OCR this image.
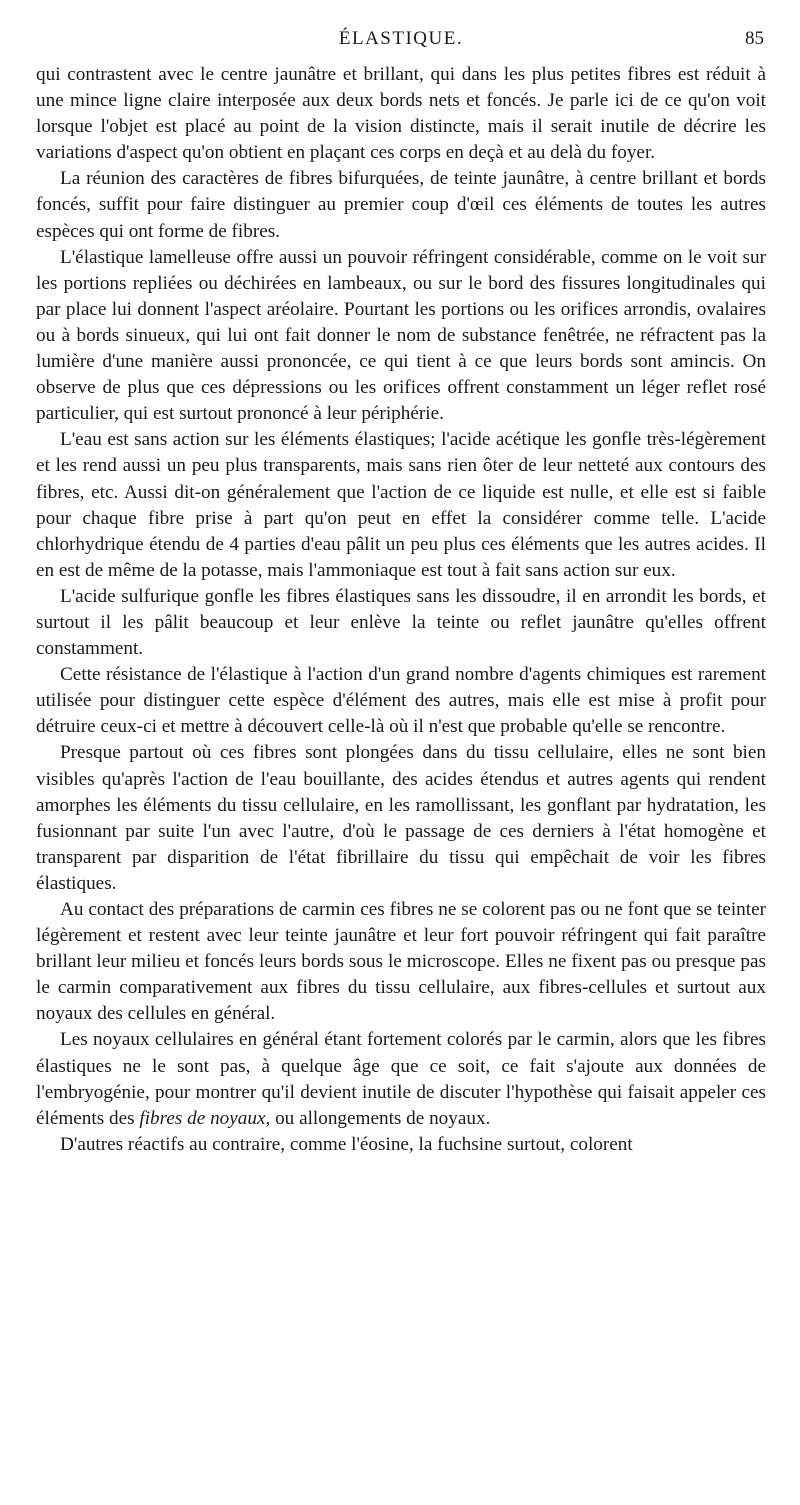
ÉLASTIQUE.	85

qui contrastent avec le centre jaunâtre et brillant, qui dans les plus petites fibres est réduit à une mince ligne claire interposée aux deux bords nets et foncés. Je parle ici de ce qu'on voit lorsque l'objet est placé au point de la vision distincte, mais il serait inutile de décrire les variations d'aspect qu'on obtient en plaçant ces corps en deçà et au delà du foyer.

La réunion des caractères de fibres bifurquées, de teinte jaunâtre, à centre brillant et bords foncés, suffit pour faire distinguer au premier coup d'œil ces éléments de toutes les autres espèces qui ont forme de fibres.

L'élastique lamelleuse offre aussi un pouvoir réfringent considérable, comme on le voit sur les portions repliées ou déchirées en lambeaux, ou sur le bord des fissures longitudinales qui par place lui donnent l'aspect aréolaire. Pourtant les portions ou les orifices arrondis, ovalaires ou à bords sinueux, qui lui ont fait donner le nom de substance fenêtrée, ne réfractent pas la lumière d'une manière aussi prononcée, ce qui tient à ce que leurs bords sont amincis. On observe de plus que ces dépressions ou les orifices offrent constamment un léger reflet rosé particulier, qui est surtout prononcé à leur périphérie.

L'eau est sans action sur les éléments élastiques; l'acide acétique les gonfle très-légèrement et les rend aussi un peu plus transparents, mais sans rien ôter de leur netteté aux contours des fibres, etc. Aussi dit-on généralement que l'action de ce liquide est nulle, et elle est si faible pour chaque fibre prise à part qu'on peut en effet la considérer comme telle. L'acide chlorhydrique étendu de 4 parties d'eau pâlit un peu plus ces éléments que les autres acides. Il en est de même de la potasse, mais l'ammoniaque est tout à fait sans action sur eux.

L'acide sulfurique gonfle les fibres élastiques sans les dissoudre, il en arrondit les bords, et surtout il les pâlit beaucoup et leur enlève la teinte ou reflet jaunâtre qu'elles offrent constamment.

Cette résistance de l'élastique à l'action d'un grand nombre d'agents chimiques est rarement utilisée pour distinguer cette espèce d'élément des autres, mais elle est mise à profit pour détruire ceux-ci et mettre à découvert celle-là où il n'est que probable qu'elle se rencontre.

Presque partout où ces fibres sont plongées dans du tissu cellulaire, elles ne sont bien visibles qu'après l'action de l'eau bouillante, des acides étendus et autres agents qui rendent amorphes les éléments du tissu cellulaire, en les ramollissant, les gonflant par hydratation, les fusionnant par suite l'un avec l'autre, d'où le passage de ces derniers à l'état homogène et transparent par disparition de l'état fibrillaire du tissu qui empêchait de voir les fibres élastiques.

Au contact des préparations de carmin ces fibres ne se colorent pas ou ne font que se teinter légèrement et restent avec leur teinte jaunâtre et leur fort pouvoir réfringent qui fait paraître brillant leur milieu et foncés leurs bords sous le microscope. Elles ne fixent pas ou presque pas le carmin comparativement aux fibres du tissu cellulaire, aux fibres-cellules et surtout aux noyaux des cellules en général.

Les noyaux cellulaires en général étant fortement colorés par le carmin, alors que les fibres élastiques ne le sont pas, à quelque âge que ce soit, ce fait s'ajoute aux données de l'embryogénie, pour montrer qu'il devient inutile de discuter l'hypothèse qui faisait appeler ces éléments des fibres de noyaux, ou allongements de noyaux.

D'autres réactifs au contraire, comme l'éosine, la fuchsine surtout, colorent
